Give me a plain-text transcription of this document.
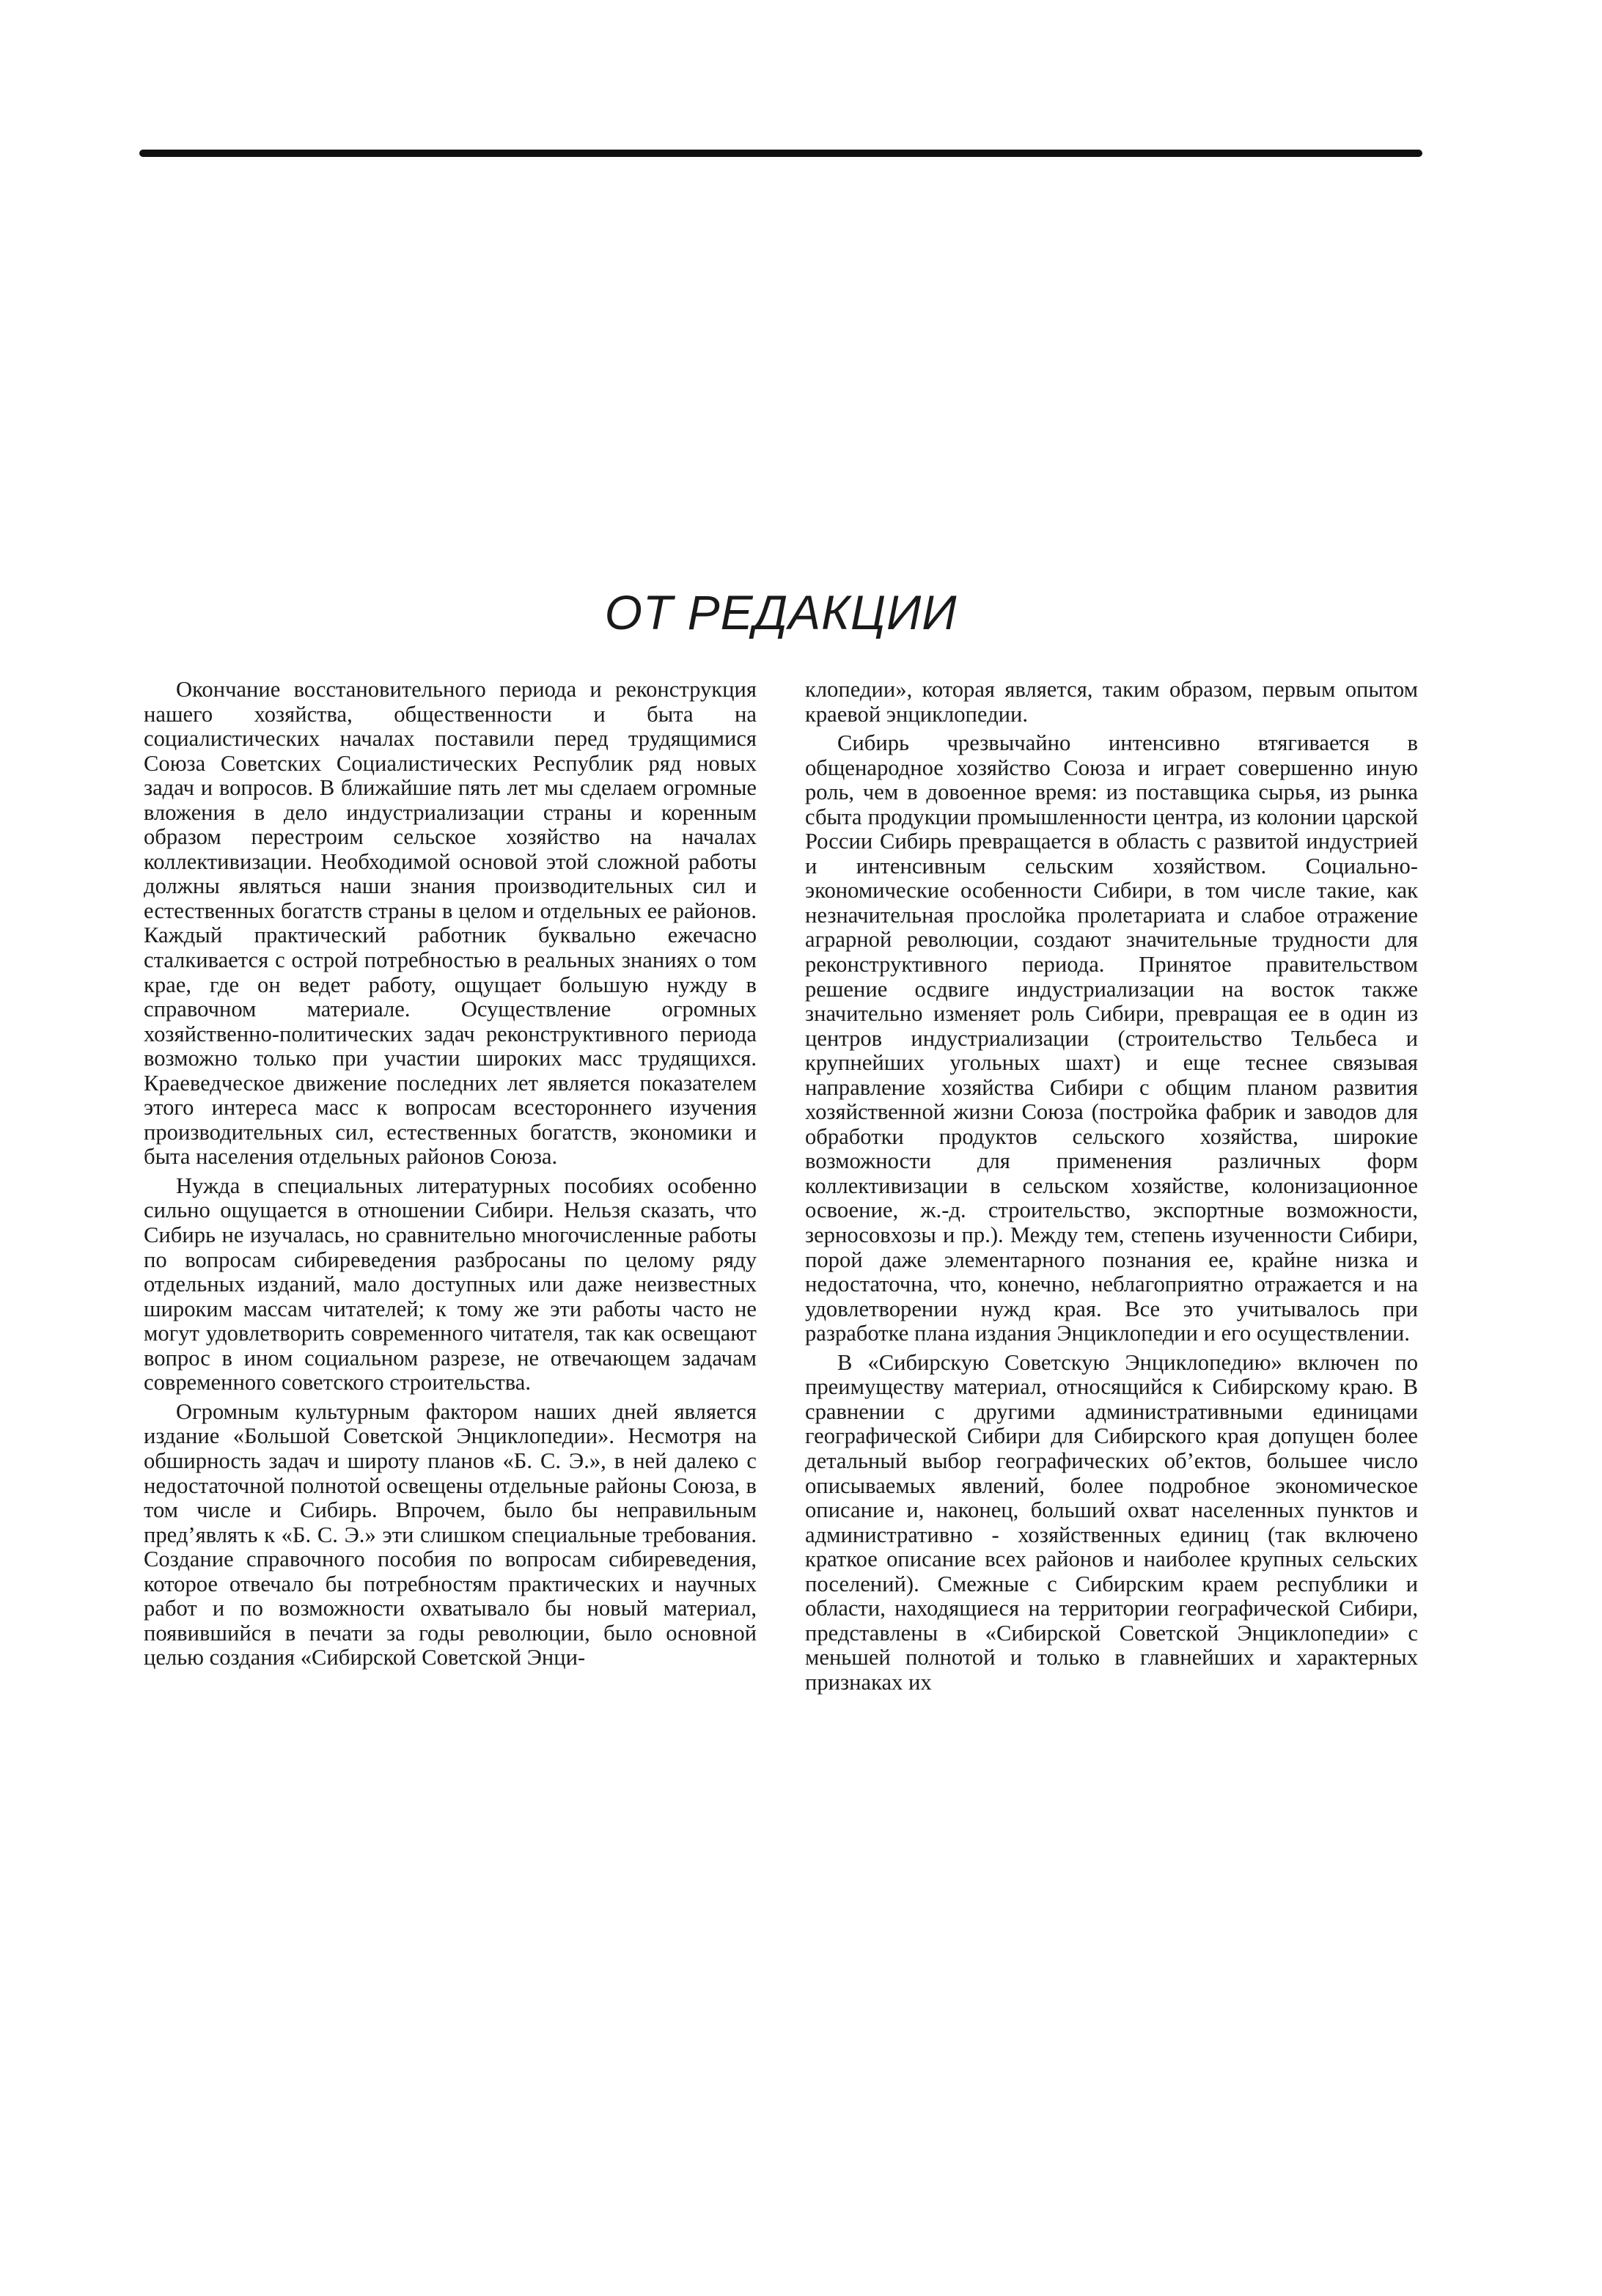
ОТ РЕДАКЦИИ

Окончание восстановительного периода и реконструкция нашего хозяйства, общественности и быта на социалистических началах поставили перед трудящимися Союза Советских Социалистических Республик ряд новых задач и вопросов. В ближайшие пять лет мы сделаем огромные вложения в дело индустриализации страны и коренным образом перестроим сельское хозяйство на началах коллективизации. Необходимой основой этой сложной работы должны являться наши знания производительных сил и естественных богатств страны в целом и отдельных ее районов. Каждый практический работник буквально ежечасно сталкивается с острой потребностью в реальных знаниях о том крае, где он ведет работу, ощущает большую нужду в справочном материале. Осуществление огромных хозяйственно-политических задач реконструктивного периода возможно только при участии широких масс трудящихся. Краеведческое движение последних лет является показателем этого интереса масс к вопросам всестороннего изучения производительных сил, естественных богатств, экономики и быта населения отдельных районов Союза.

Нужда в специальных литературных пособиях особенно сильно ощущается в отношении Сибири. Нельзя сказать, что Сибирь не изучалась, но сравнительно многочисленные работы по вопросам сибиреведения разбросаны по целому ряду отдельных изданий, мало доступных или даже неизвестных широким массам читателей; к тому же эти работы часто не могут удовлетворить современного читателя, так как освещают вопрос в ином социальном разрезе, не отвечающем задачам современного советского строительства.

Огромным культурным фактором наших дней является издание «Большой Советской Энциклопедии». Несмотря на обширность задач и широту планов «Б. С. Э.», в ней далеко с недостаточной полнотой освещены отдельные районы Союза, в том числе и Сибирь. Впрочем, было бы неправильным пред’являть к «Б. С. Э.» эти слишком специальные требования. Создание справочного пособия по вопросам сибиреведения, которое отвечало бы потребностям практических и научных работ и по возможности охватывало бы новый материал, появившийся в печати за годы революции, было основной целью создания «Сибирской Советской Энци-

клопедии», которая является, таким образом, первым опытом краевой энциклопедии.

Сибирь чрезвычайно интенсивно втягивается в общенародное хозяйство Союза и играет совершенно иную роль, чем в довоенное время: из поставщика сырья, из рынка сбыта продукции промышленности центра, из колонии царской России Сибирь превращается в область с развитой индустрией и интенсивным сельским хозяйством. Социально-экономические особенности Сибири, в том числе такие, как незначительная прослойка пролетариата и слабое отражение аграрной революции, создают значительные трудности для реконструктивного периода. Принятое правительством решение осдвиге индустриализации на восток также значительно изменяет роль Сибири, превращая ее в один из центров индустриализации (строительство Тельбеса и крупнейших угольных шахт) и еще теснее связывая направление хозяйства Сибири с общим планом развития хозяйственной жизни Союза (постройка фабрик и заводов для обработки продуктов сельского хозяйства, широкие возможности для применения различных форм коллективизации в сельском хозяйстве, колонизационное освоение, ж.-д. строительство, экспортные возможности, зерносовхозы и пр.). Между тем, степень изученности Сибири, порой даже элементарного познания ее, крайне низка и недостаточна, что, конечно, неблагоприятно отражается и на удовлетворении нужд края. Все это учитывалось при разработке плана издания Энциклопедии и его осуществлении.

В «Сибирскую Советскую Энциклопедию» включен по преимуществу материал, относящийся к Сибирскому краю. В сравнении с другими административными единицами географической Сибири для Сибирского края допущен более детальный выбор географических об’ектов, большее число описываемых явлений, более подробное экономическое описание и, наконец, больший охват населенных пунктов и административно - хозяйственных единиц (так включено краткое описание всех районов и наиболее крупных сельских поселений). Смежные с Сибирским краем республики и области, находящиеся на территории географической Сибири, представлены в «Сибирской Советской Энциклопедии» с меньшей полнотой и только в главнейших и характерных признаках их
